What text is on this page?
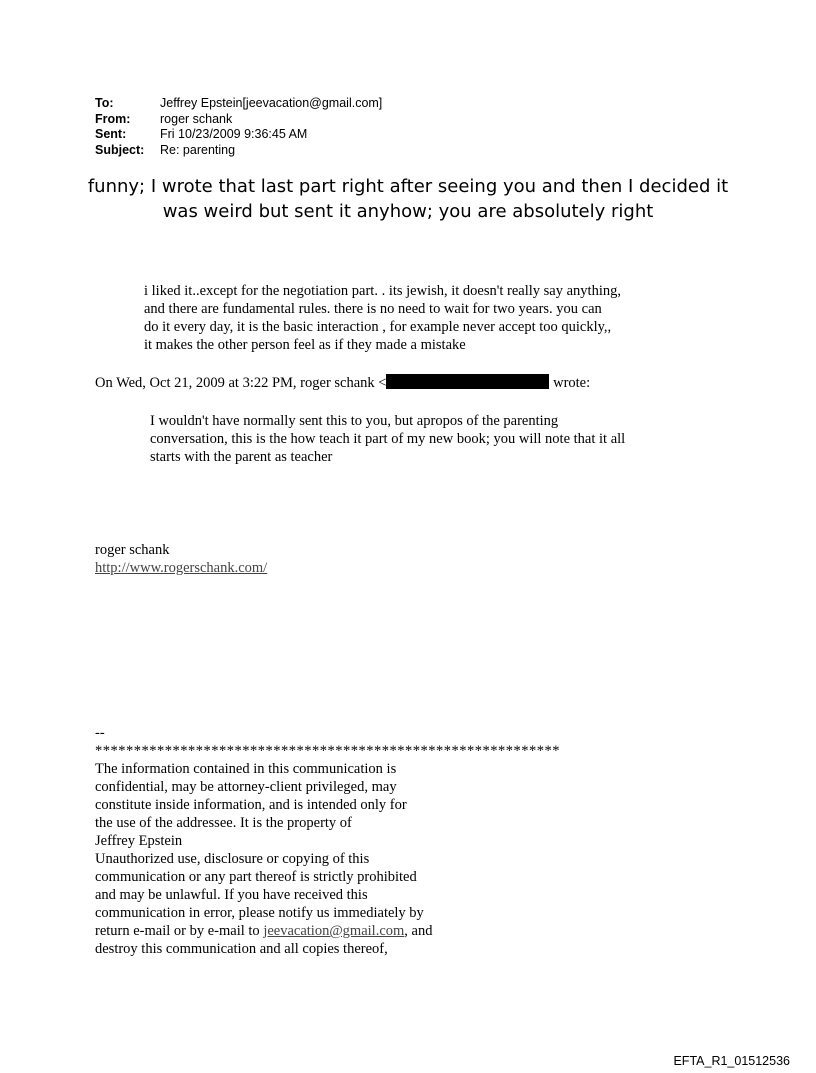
To:	Jeffrey Epstein[jeevacation@gmail.com]
From:	roger schank
Sent:	Fri 10/23/2009 9:36:45 AM
Subject:	Re: parenting
funny; I wrote that last part right after seeing you and then I decided it
was weird but sent it anyhow; you are absolutely right

i liked it..except for the negotiation part. . its jewish, it doesn't really say anything,

and there are fundamental rules. there is no need to wait for two years. you can

do it every day, it is the basic interaction , for example never accept too quickly,,

it makes the other person feel as if they made a mistake

On Wed, Oct 21, 2009 at 3:22 PM, roger schank <	wrote:

I wouldn't have normally sent this to you, but apropos of the parenting

conversation, this is the how teach it part of my new book; you will note that it all

starts with the parent as teacher

roger schank
http://www.rogerschank.com/

--

************************************************************

The information contained in this communication is

confidential, may be attorney-client privileged, may

constitute inside information, and is intended only for

the use of the addressee. It is the property of

Jeffrey Epstein

Unauthorized use, disclosure or copying of this

communication or any part thereof is strictly prohibited

and may be unlawful. If you have received this

communication in error, please notify us immediately by

return e-mail or by e-mail to jeevacation@gmail.com, and

destroy this communication and all copies thereof,

EFTA_R1_01512536
